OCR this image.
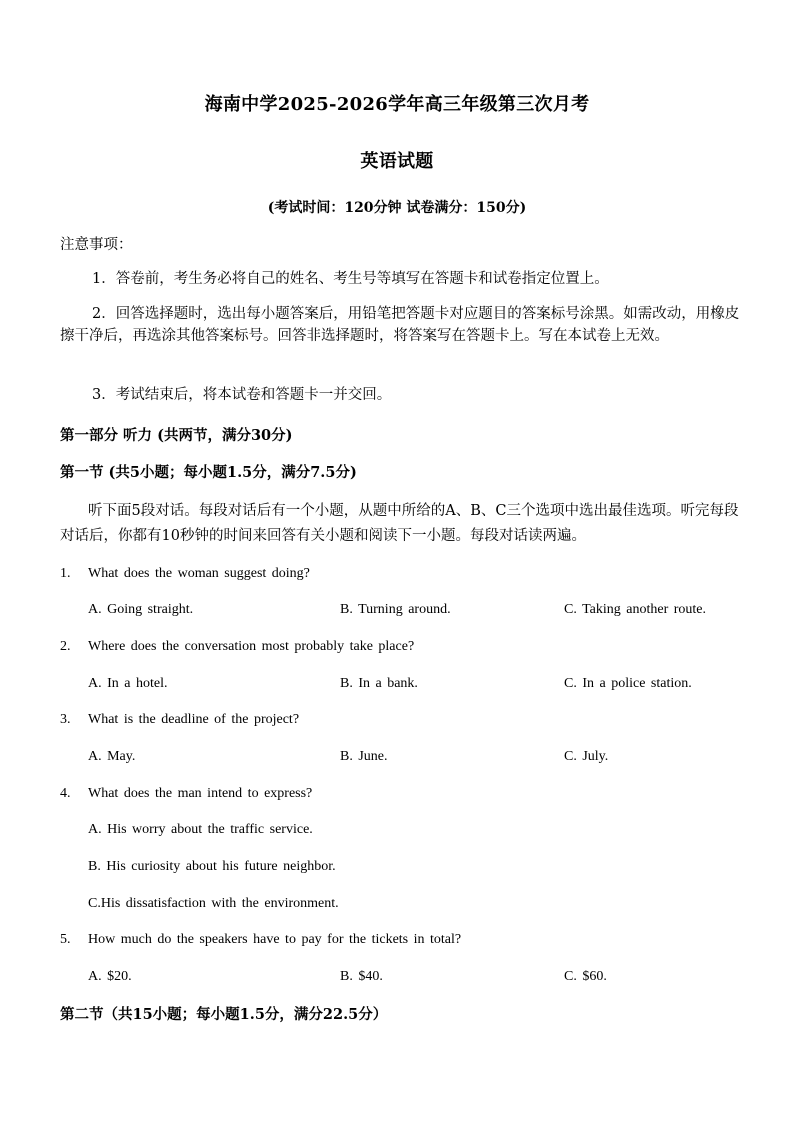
海南中学2025-2026学年高三年级第三次月考
英语试题
(考试时间：120分钟 试卷满分：150分)
注意事项：
1．答卷前，考生务必将自己的姓名、考生号等填写在答题卡和试卷指定位置上。
2．回答选择题时，选出每小题答案后，用铅笔把答题卡对应题目的答案标号涂黑。如需改动，用橡皮擦干净后，再选涂其他答案标号。回答非选择题时，将答案写在答题卡上。写在本试卷上无效。
3．考试结束后，将本试卷和答题卡一并交回。
第一部分 听力 (共两节，满分30分)
第一节 (共5小题；每小题1.5分，满分7.5分)
听下面5段对话。每段对话后有一个小题，从题中所给的A、B、C三个选项中选出最佳选项。听完每段对话后，你都有10秒钟的时间来回答有关小题和阅读下一小题。每段对话读两遍。
1. What does the woman suggest doing?
A. Going straight.	B. Turning around.	C. Taking another route.
2. Where does the conversation most probably take place?
A. In a hotel.	B. In a bank.	C. In a police station.
3. What is the deadline of the project?
A. May.	B. June.	C. July.
4. What does the man intend to express?
A. His worry about the traffic service.
B. His curiosity about his future neighbor.
C.His dissatisfaction with the environment.
5. How much do the speakers have to pay for the tickets in total?
A. $20.	B. $40.	C. $60.
第二节（共15小题；每小题1.5分，满分22.5分）
